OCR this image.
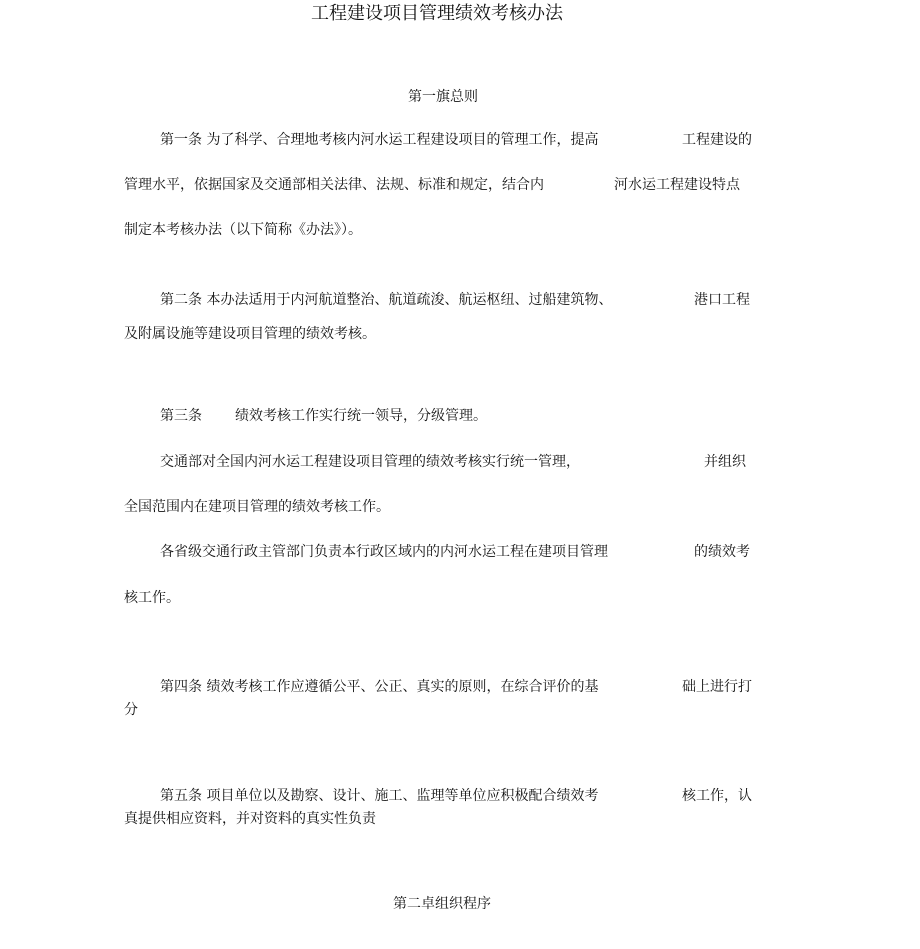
工程建设项目管理绩效考核办法
第一旗总则
第一条 为了科学、合理地考核内河水运工程建设项目的管理工作，提高	工程建设的
管理水平，依据国家及交通部相关法律、法规、标准和规定，结合内	河水运工程建设特点
制定本考核办法（以下简称《办法》）。
第二条 本办法适用于内河航道整治、航道疏浚、航运枢纽、过船建筑物、	港口工程
及附属设施等建设项目管理的绩效考核。
第三条 绩效考核工作实行统一领导，分级管理。
交通部对全国内河水运工程建设项目管理的绩效考核实行统一管理，	并组织
全国范围内在建项目管理的绩效考核工作。
各省级交通行政主管部门负责本行政区域内的内河水运工程在建项目管理	的绩效考
核工作。
第四条 绩效考核工作应遵循公平、公正、真实的原则，在综合评价的基	础上进行打
分
第五条 项目单位以及勘察、设计、施工、监理等单位应积极配合绩效考	核工作，认
真提供相应资料，并对资料的真实性负责
第二卓组织程序
